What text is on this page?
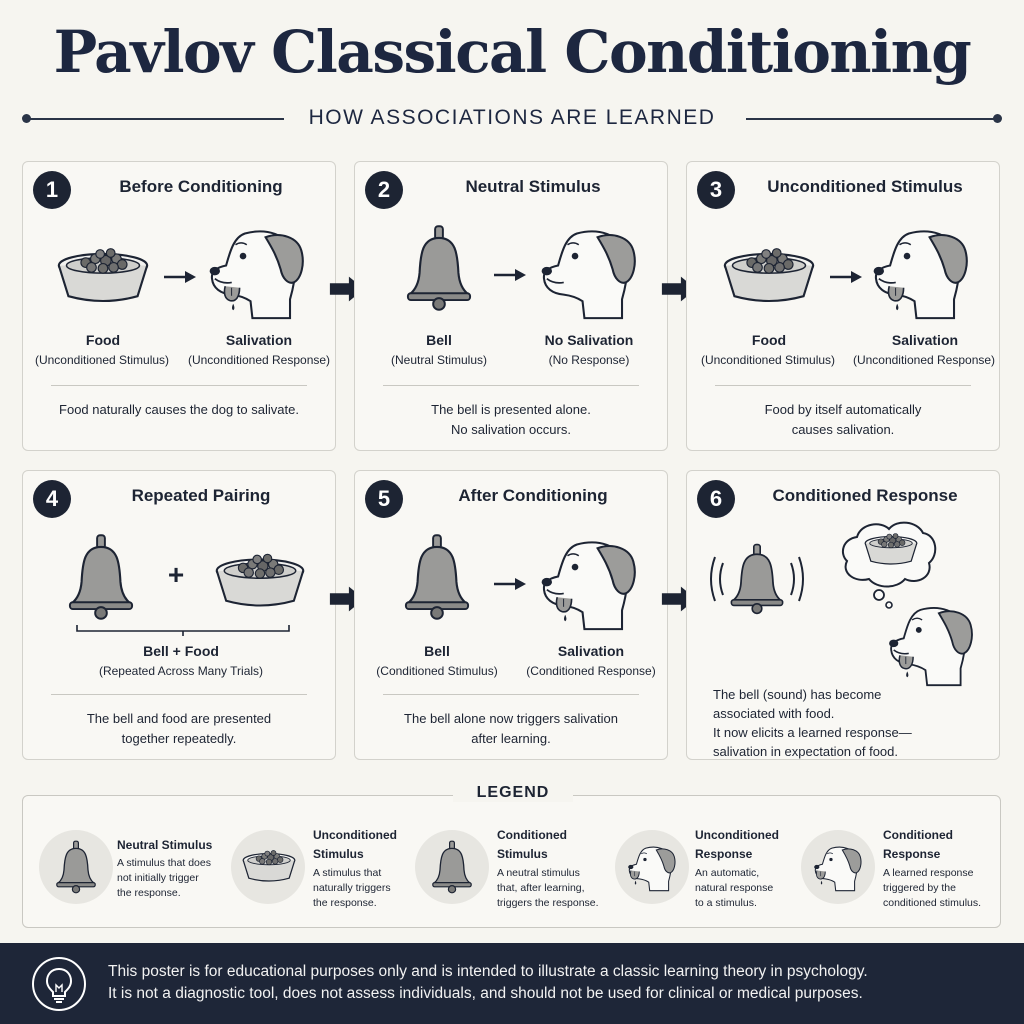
Pavlov Classical Conditioning
HOW ASSOCIATIONS ARE LEARNED
1	Before Conditioning
Food
(Unconditioned Stimulus)
Salivation
(Unconditioned Response)
Food naturally causes the dog to salivate.
2	Neutral Stimulus
Bell
(Neutral Stimulus)
No Salivation
(No Response)
The bell is presented alone.
No salivation occurs.
3	Unconditioned Stimulus
Food
(Unconditioned Stimulus)
Salivation
(Unconditioned Response)
Food by itself automatically
causes salivation.
4	Repeated Pairing
+
Bell + Food
(Repeated Across Many Trials)
The bell and food are presented
together repeatedly.
5	After Conditioning
Bell
(Conditioned Stimulus)
Salivation
(Conditioned Response)
The bell alone now triggers salivation
after learning.
6	Conditioned Response
The bell (sound) has become
associated with food.
It now elicits a learned response—
salivation in expectation of food.
LEGEND
Neutral Stimulus
A stimulus that does
not initially trigger
the response.
Unconditioned
Stimulus
A stimulus that
naturally triggers
the response.
Conditioned
Stimulus
A neutral stimulus
that, after learning,
triggers the response.
Unconditioned
Response
An automatic,
natural response
to a stimulus.
Conditioned
Response
A learned response
triggered by the
conditioned stimulus.
This poster is for educational purposes only and is intended to illustrate a classic learning theory in psychology.
It is not a diagnostic tool, does not assess individuals, and should not be used for clinical or medical purposes.
